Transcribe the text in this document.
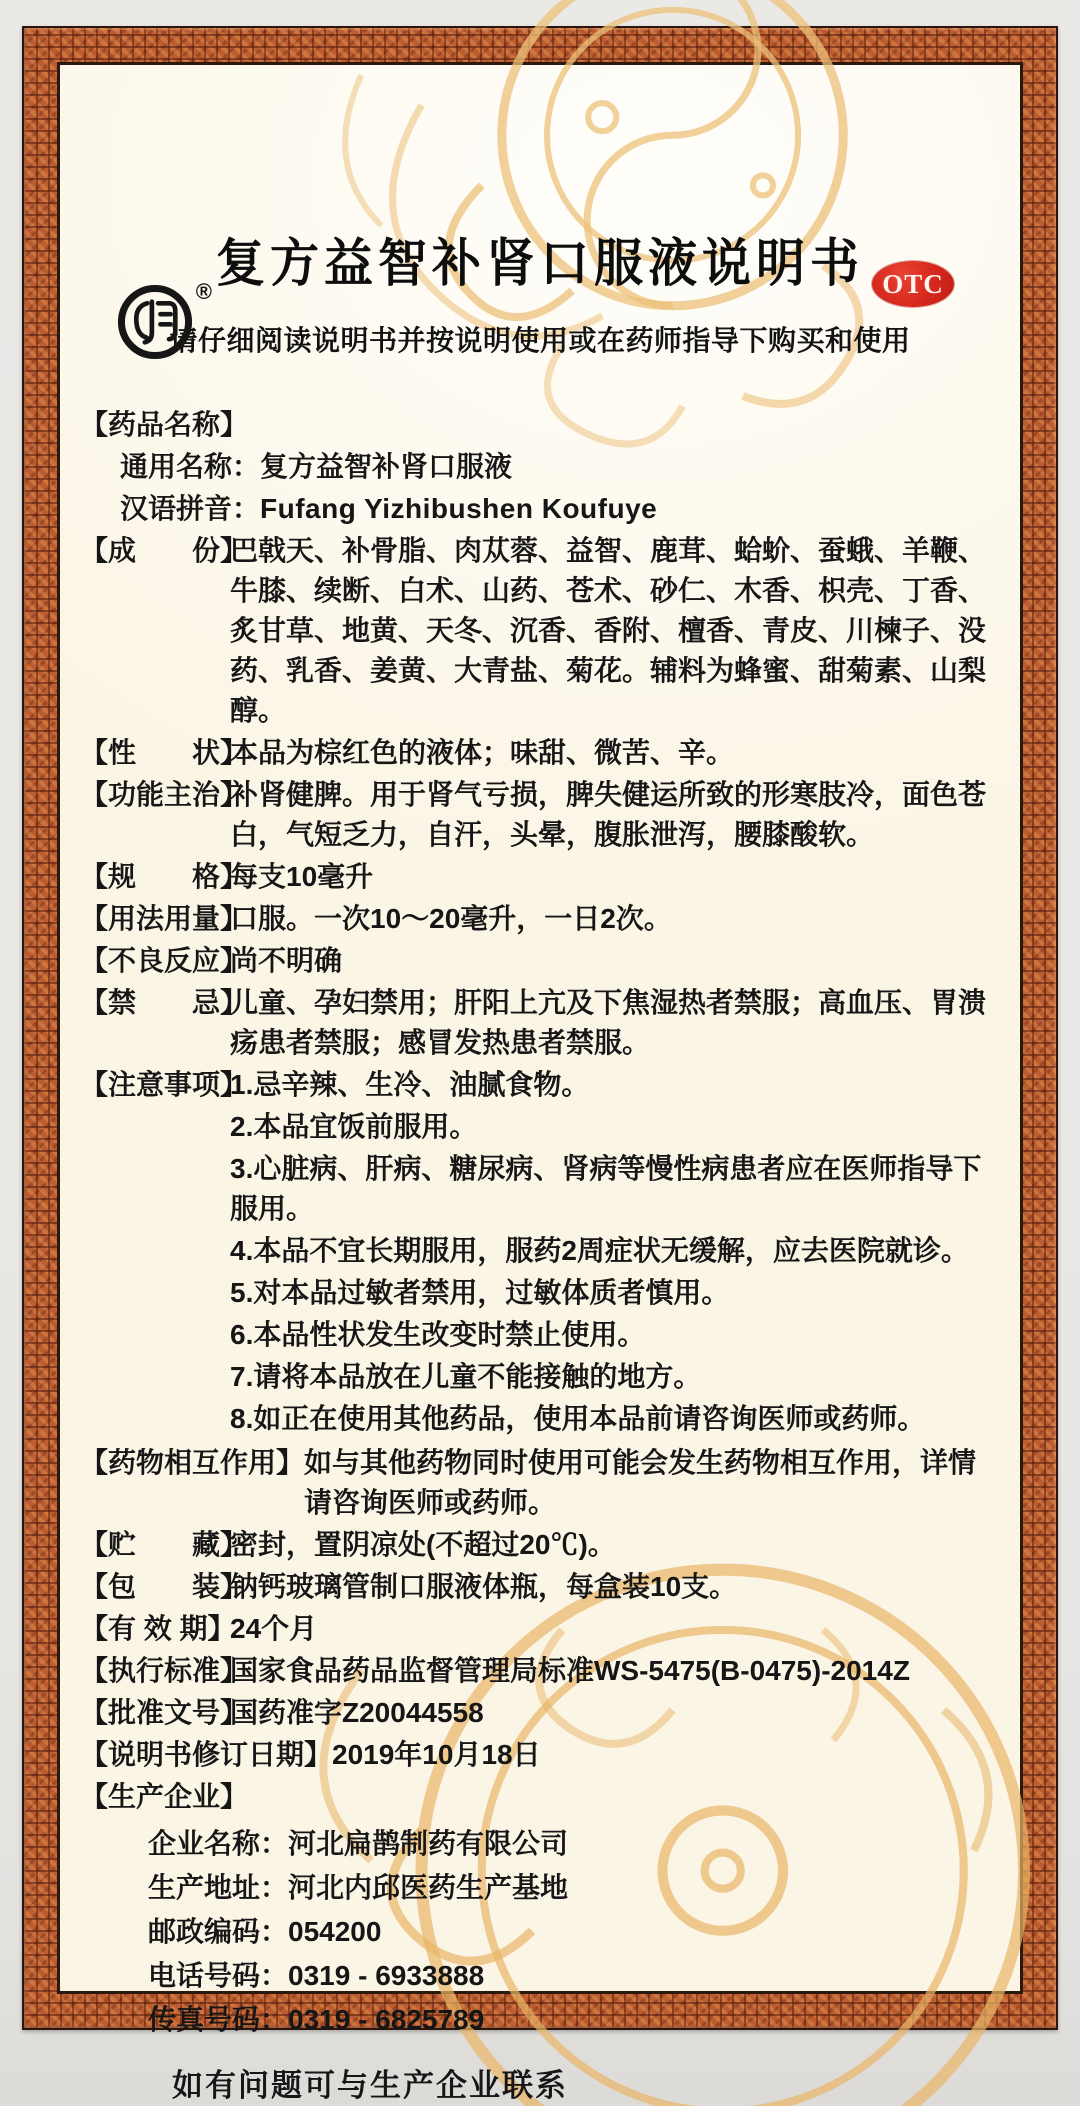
®	OTC
复方益智补肾口服液说明书
请仔细阅读说明书并按说明使用或在药师指导下购买和使用
【药品名称】
通用名称： 复方益智补肾口服液
汉语拼音： Fufang Yizhibushen Koufuye
【成　　份】
巴戟天、补骨脂、肉苁蓉、益智、鹿茸、蛤蚧、蚕蛾、羊鞭、牛膝、续断、白术、山药、苍术、砂仁、木香、枳壳、丁香、炙甘草、地黄、天冬、沉香、香附、檀香、青皮、川楝子、没药、乳香、姜黄、大青盐、菊花。辅料为蜂蜜、甜菊素、山梨醇。
【性　　状】
本品为棕红色的液体；味甜、微苦、辛。
【功能主治】
补肾健脾。用于肾气亏损，脾失健运所致的形寒肢冷，面色苍白，气短乏力，自汗，头晕，腹胀泄泻，腰膝酸软。
【规　　格】
每支10毫升
【用法用量】
口服。一次10～20毫升，一日2次。
【不良反应】
尚不明确
【禁　　忌】
儿童、孕妇禁用；肝阳上亢及下焦湿热者禁服；高血压、胃溃疡患者禁服；感冒发热患者禁服。
【注意事项】
1.忌辛辣、生冷、油腻食物。
2.本品宜饭前服用。
3.心脏病、肝病、糖尿病、肾病等慢性病患者应在医师指导下服用。
4.本品不宜长期服用，服药2周症状无缓解，应去医院就诊。
5.对本品过敏者禁用，过敏体质者慎用。
6.本品性状发生改变时禁止使用。
7.请将本品放在儿童不能接触的地方。
8.如正在使用其他药品，使用本品前请咨询医师或药师。
【药物相互作用】 如与其他药物同时使用可能会发生药物相互作用，详情请咨询医师或药师。
【贮　　藏】
密封，置阴凉处(不超过20℃)。
【包　　装】
钠钙玻璃管制口服液体瓶，每盒装10支。
【有 效 期】
24个月
【执行标准】
国家食品药品监督管理局标准WS-5475(B-0475)-2014Z
【批准文号】
国药准字Z20044558
【说明书修订日期】 2019年10月18日
【生产企业】
企业名称： 河北扁鹊制药有限公司
生产地址： 河北内邱医药生产基地
邮政编码： 054200
电话号码： 0319 - 6933888
传真号码： 0319 - 6825789
如有问题可与生产企业联系
